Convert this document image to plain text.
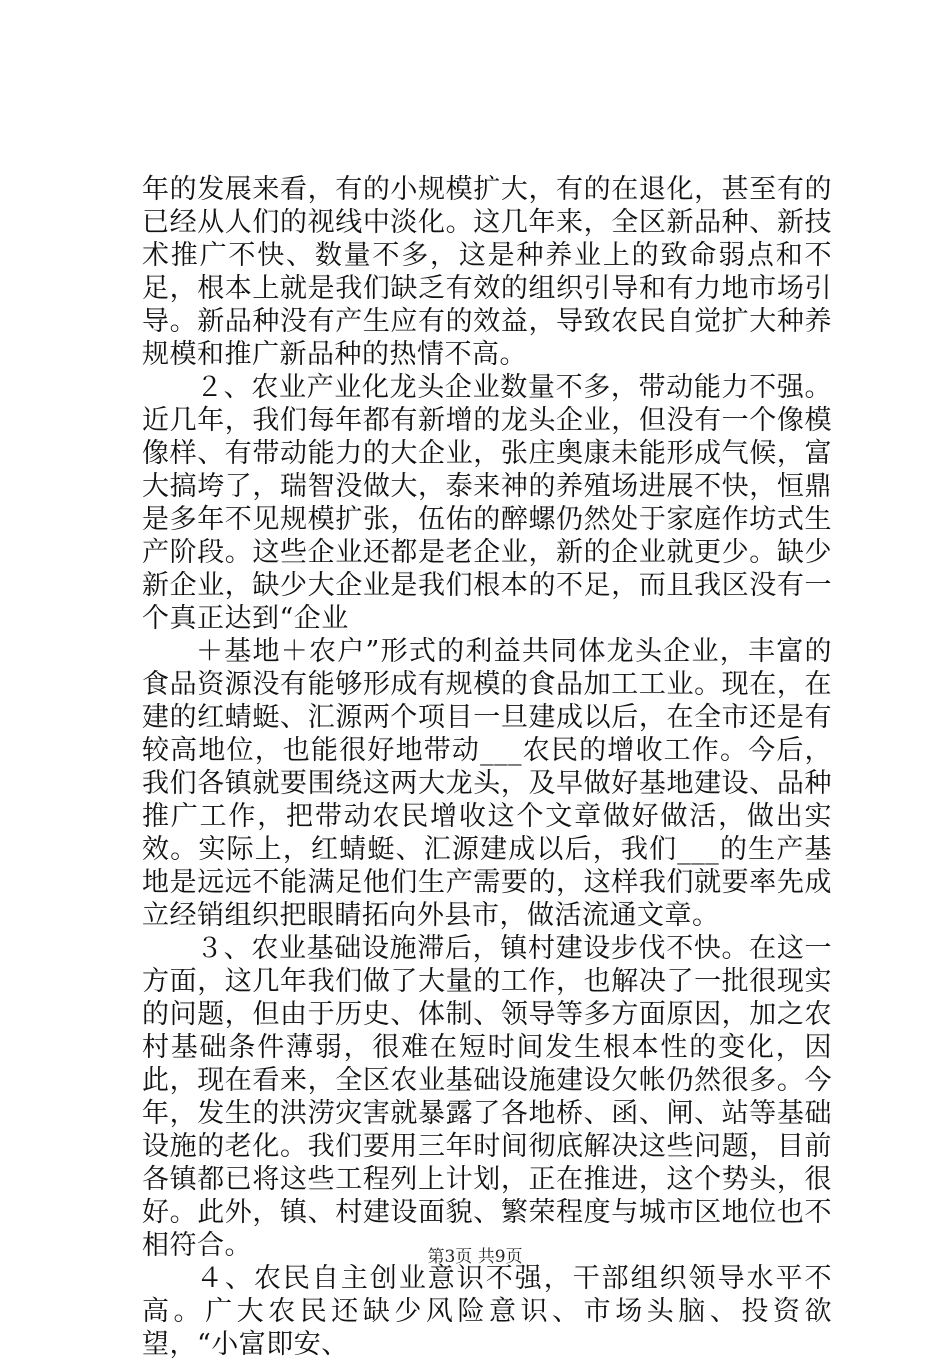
年的发展来看，有的小规模扩大，有的在退化，甚至有的已经从人们的视线中淡化。这几年来，全区新品种、新技术推广不快、数量不多，这是种养业上的致命弱点和不足，根本上就是我们缺乏有效的组织引导和有力地市场引导。新品种没有产生应有的效益，导致农民自觉扩大种养规模和推广新品种的热情不高。

２、农业产业化龙头企业数量不多，带动能力不强。近几年，我们每年都有新增的龙头企业，但没有一个像模像样、有带动能力的大企业，张庄奥康未能形成气候，富大搞垮了，瑞智没做大，泰来神的养殖场进展不快，恒鼎是多年不见规模扩张，伍佑的醉螺仍然处于家庭作坊式生产阶段。这些企业还都是老企业，新的企业就更少。缺少新企业，缺少大企业是我们根本的不足，而且我区没有一个真正达到“企业

＋基地＋农户”形式的利益共同体龙头企业，丰富的食品资源没有能够形成有规模的食品加工工业。现在，在建的红蜻蜓、汇源两个项目一旦建成以后，在全市还是有较高地位，也能很好地带动___农民的增收工作。今后，我们各镇就要围绕这两大龙头，及早做好基地建设、品种推广工作，把带动农民增收这个文章做好做活，做出实效。实际上，红蜻蜓、汇源建成以后，我们___的生产基地是远远不能满足他们生产需要的，这样我们就要率先成立经销组织把眼睛拓向外县市，做活流通文章。

３、农业基础设施滞后，镇村建设步伐不快。在这一方面，这几年我们做了大量的工作，也解决了一批很现实的问题，但由于历史、体制、领导等多方面原因，加之农村基础条件薄弱，很难在短时间发生根本性的变化，因此，现在看来，全区农业基础设施建设欠帐仍然很多。今年，发生的洪涝灾害就暴露了各地桥、函、闸、站等基础设施的老化。我们要用三年时间彻底解决这些问题，目前各镇都已将这些工程列上计划，正在推进，这个势头，很好。此外，镇、村建设面貌、繁荣程度与城市区地位也不相符合。

４、农民自主创业意识不强，干部组织领导水平不高。广大农民还缺少风险意识、市场头脑、投资欲望，“小富即安、

第3页 共9页
